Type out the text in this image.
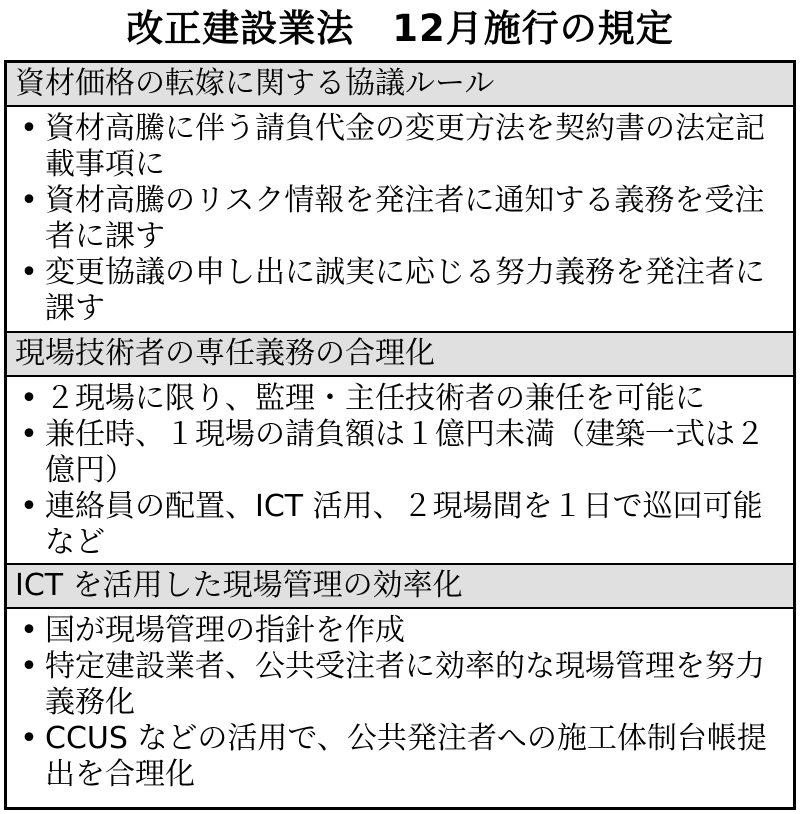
改正建設業法　12月施行の規定
資材価格の転嫁に関する協議ルール
• 資材高騰に伴う請負代金の変更方法を契約書の法定記載事項に
• 資材高騰のリスク情報を発注者に通知する義務を受注者に課す
• 変更協議の申し出に誠実に応じる努力義務を発注者に課す
現場技術者の専任義務の合理化
• ２現場に限り、監理・主任技術者の兼任を可能に
• 兼任時、１現場の請負額は１億円未満（建築一式は２億円）
• 連絡員の配置、ICT 活用、２現場間を１日で巡回可能など
ICT を活用した現場管理の効率化
• 国が現場管理の指針を作成
• 特定建設業者、公共受注者に効率的な現場管理を努力義務化
• CCUS などの活用で、公共発注者への施工体制台帳提出を合理化
